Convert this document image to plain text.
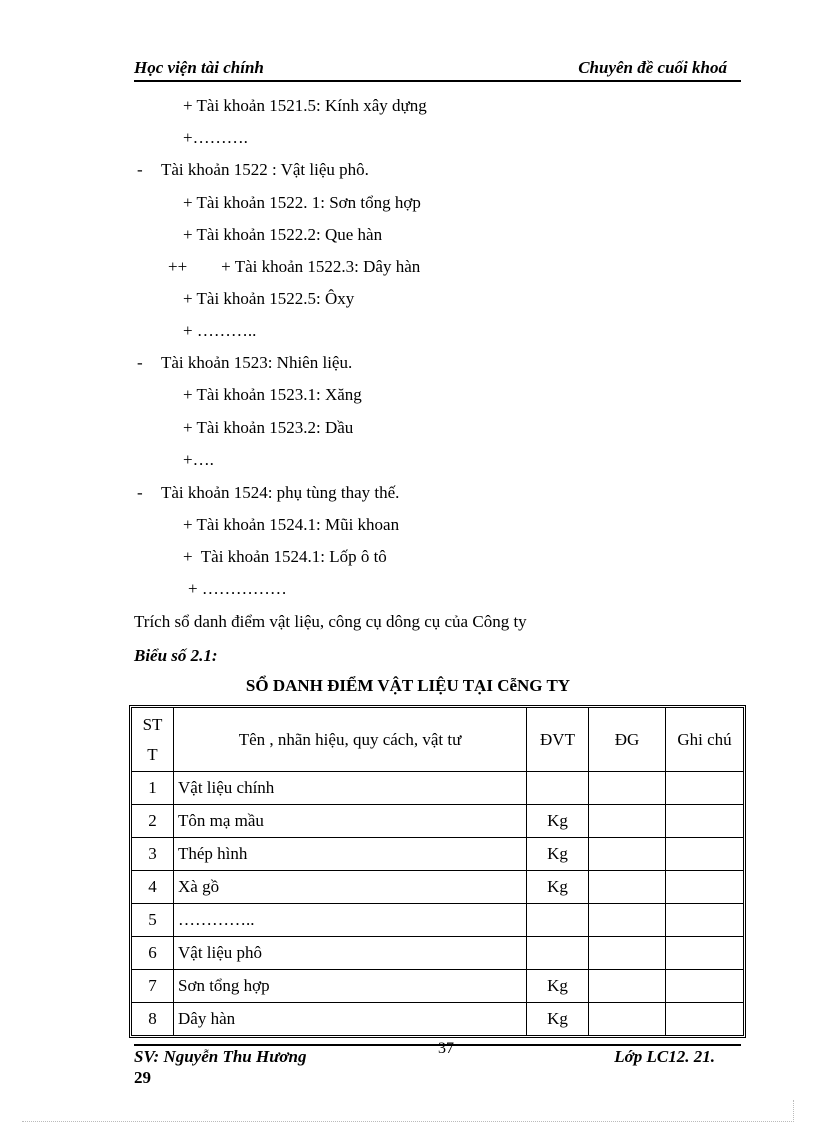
Học viện tài chính	Chuyên đề cuối khoá
+ Tài khoản 1521.5: Kính xây dựng
+……….
- Tài khoản 1522 : Vật liệu phô.
+ Tài khoản 1522. 1: Sơn tổng hợp
+ Tài khoản 1522.2: Que hàn
++        + Tài khoản 1522.3: Dây hàn
+ Tài khoản 1522.5: Ôxy
+ ………..
- Tài khoản 1523: Nhiên liệu.
+ Tài khoản 1523.1: Xăng
+ Tài khoản 1523.2: Dầu
+….
- Tài khoản 1524: phụ tùng thay thế.
+ Tài khoản 1524.1: Mũi khoan
+  Tài khoản 1524.1: Lốp ô tô
+ ……………
Trích sổ danh điểm vật liệu, công cụ dông cụ của Công ty
Biểu số 2.1:
SỔ DANH ĐIỂM VẬT LIỆU TẠI CễNG TY
ST
T	Tên , nhãn hiệu, quy cách, vật tư	ĐVT	ĐG	Ghi chú
1	Vật liệu chính			
2	Tôn mạ mầu	Kg		
3	Thép hình	Kg		
4	Xà gồ	Kg		
5	…………..			
6	Vật liệu phô			
7	Sơn tổng hợp	Kg		
8	Dây hàn	Kg		
SV: Nguyễn Thu Hương	37	Lớp LC12. 21.
29
